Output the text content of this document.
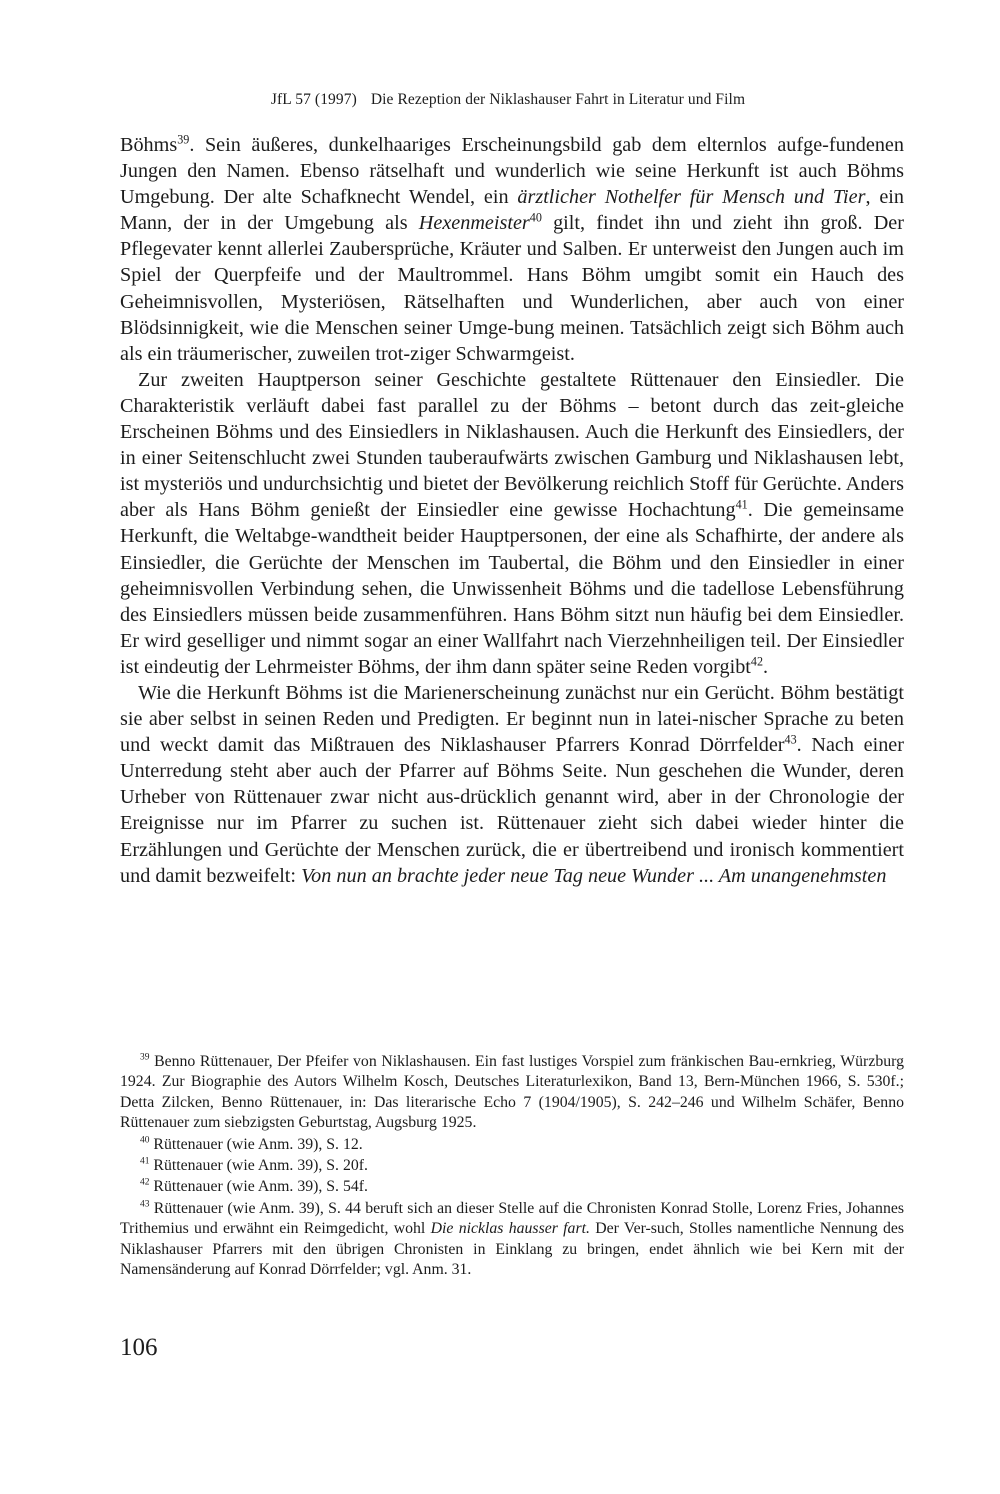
JfL 57 (1997) Die Rezeption der Niklashauser Fahrt in Literatur und Film

Böhms$^{39}$. Sein äußeres, dunkelhaariges Erscheinungsbild gab dem elternlos aufge-fundenen Jungen den Namen. Ebenso rätselhaft und wunderlich wie seine Herkunft ist auch Böhms Umgebung. Der alte Schafknecht Wendel, ein ärztlicher Nothelfer für Mensch und Tier, ein Mann, der in der Umgebung als Hexenmeister$^{40}$ gilt, findet ihn und zieht ihn groß. Der Pflegevater kennt allerlei Zaubersprüche, Kräuter und Salben. Er unterweist den Jungen auch im Spiel der Querpfeife und der Maultrommel. Hans Böhm umgibt somit ein Hauch des Geheimnisvollen, Mysteriösen, Rätselhaften und Wunderlichen, aber auch von einer Blödsinnigkeit, wie die Menschen seiner Umge-bung meinen. Tatsächlich zeigt sich Böhm auch als ein träumerischer, zuweilen trot-ziger Schwarmgeist.

Zur zweiten Hauptperson seiner Geschichte gestaltete Rüttenauer den Einsiedler. Die Charakteristik verläuft dabei fast parallel zu der Böhms – betont durch das zeit-gleiche Erscheinen Böhms und des Einsiedlers in Niklashausen. Auch die Herkunft des Einsiedlers, der in einer Seitenschlucht zwei Stunden tauberaufwärts zwischen Gamburg und Niklashausen lebt, ist mysteriös und undurchsichtig und bietet der Bevölkerung reichlich Stoff für Gerüchte. Anders aber als Hans Böhm genießt der Einsiedler eine gewisse Hochachtung$^{41}$. Die gemeinsame Herkunft, die Weltabge-wandtheit beider Hauptpersonen, der eine als Schafhirte, der andere als Einsiedler, die Gerüchte der Menschen im Taubertal, die Böhm und den Einsiedler in einer geheimnisvollen Verbindung sehen, die Unwissenheit Böhms und die tadellose Lebensführung des Einsiedlers müssen beide zusammenführen. Hans Böhm sitzt nun häufig bei dem Einsiedler. Er wird geselliger und nimmt sogar an einer Wallfahrt nach Vierzehnheiligen teil. Der Einsiedler ist eindeutig der Lehrmeister Böhms, der ihm dann später seine Reden vorgibt$^{42}$.

Wie die Herkunft Böhms ist die Marienerscheinung zunächst nur ein Gerücht. Böhm bestätigt sie aber selbst in seinen Reden und Predigten. Er beginnt nun in latei-nischer Sprache zu beten und weckt damit das Mißtrauen des Niklashauser Pfarrers Konrad Dörrfelder$^{43}$. Nach einer Unterredung steht aber auch der Pfarrer auf Böhms Seite. Nun geschehen die Wunder, deren Urheber von Rüttenauer zwar nicht aus-drücklich genannt wird, aber in der Chronologie der Ereignisse nur im Pfarrer zu suchen ist. Rüttenauer zieht sich dabei wieder hinter die Erzählungen und Gerüchte der Menschen zurück, die er übertreibend und ironisch kommentiert und damit bezweifelt: Von nun an brachte jeder neue Tag neue Wunder ... Am unangenehmsten

$^{39}$ Benno Rüttenauer, Der Pfeifer von Niklashausen. Ein fast lustiges Vorspiel zum fränkischen Bau-ernkrieg, Würzburg 1924. Zur Biographie des Autors Wilhelm Kosch, Deutsches Literaturlexikon, Band 13, Bern-München 1966, S. 530f.; Detta Zilcken, Benno Rüttenauer, in: Das literarische Echo 7 (1904/1905), S. 242–246 und Wilhelm Schäfer, Benno Rüttenauer zum siebzigsten Geburtstag, Augsburg 1925.

$^{40}$ Rüttenauer (wie Anm. 39), S. 12.

$^{41}$ Rüttenauer (wie Anm. 39), S. 20f.

$^{42}$ Rüttenauer (wie Anm. 39), S. 54f.

$^{43}$ Rüttenauer (wie Anm. 39), S. 44 beruft sich an dieser Stelle auf die Chronisten Konrad Stolle, Lorenz Fries, Johannes Trithemius und erwähnt ein Reimgedicht, wohl Die nicklas hausser fart. Der Ver-such, Stolles namentliche Nennung des Niklashauser Pfarrers mit den übrigen Chronisten in Einklang zu bringen, endet ähnlich wie bei Kern mit der Namensänderung auf Konrad Dörrfelder; vgl. Anm. 31.

106
